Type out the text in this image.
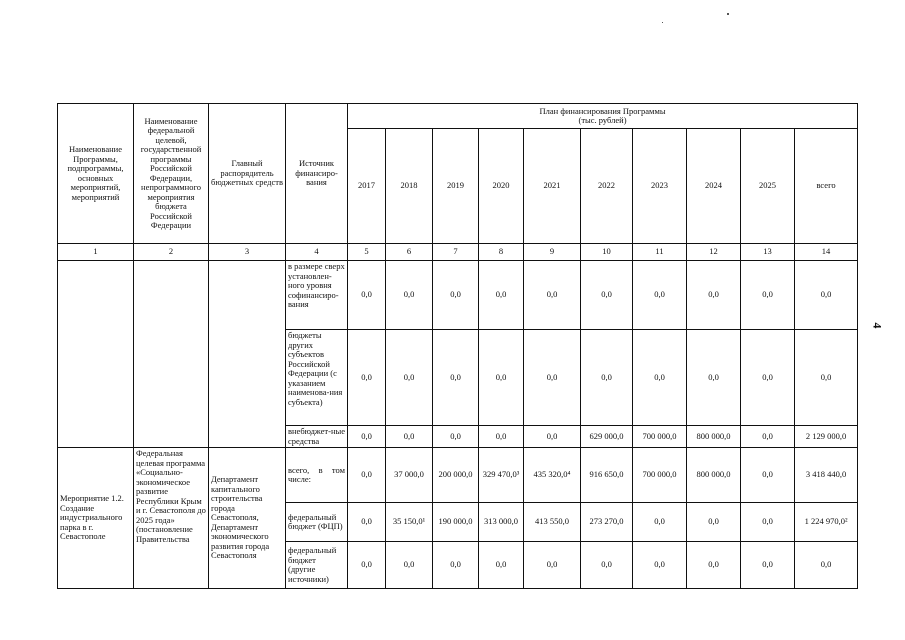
4
Наименование Программы, подпрограммы, основных мероприятий, мероприятий	Наименование федеральной целевой, государственной программы Российской Федерации, непрограммного мероприятия бюджета Российской Федерации	Главный распорядитель бюджетных средств	Источник финансиро-вания	План финансирования Программы
(тыс. рублей)									

				2017	2018	2019	2020	2021	2022	2023	2024	2025	всего
1	2	3	4	5	6	7	8	9	10	11	12	13	14
			в размере сверх установлен-ного уровня софинансиро-вания	0,0	0,0	0,0	0,0	0,0	0,0	0,0	0,0	0,0	0,0
			бюджеты других субъектов Российской Федерации (с указанием наименова-ния субъекта)	0,0	0,0	0,0	0,0	0,0	0,0	0,0	0,0	0,0	0,0
			внебюджет-ные средства	0,0	0,0	0,0	0,0	0,0	629 000,0	700 000,0	800 000,0	0,0	2 129 000,0
Мероприятие 1.2. Создание индустриального парка в г. Севастополе	Федеральная целевая программа «Социально-экономическое развитие Республики Крым и г. Севастополя до 2025 года» (постановление Правительства	Департамент капитального строительства города Севастополя, Департамент экономического развития города Севастополя	всего, в том числе:	0,0	37 000,0	200 000,0	329 470,0³	435 320,0⁴	916 650,0	700 000,0	800 000,0	0,0	3 418 440,0
			федеральный бюджет (ФЦП)	0,0	35 150,0¹	190 000,0	313 000,0	413 550,0	273 270,0	0,0	0,0	0,0	1 224 970,0²
			федеральный бюджет (другие источники)	0,0	0,0	0,0	0,0	0,0	0,0	0,0	0,0	0,0	0,0
